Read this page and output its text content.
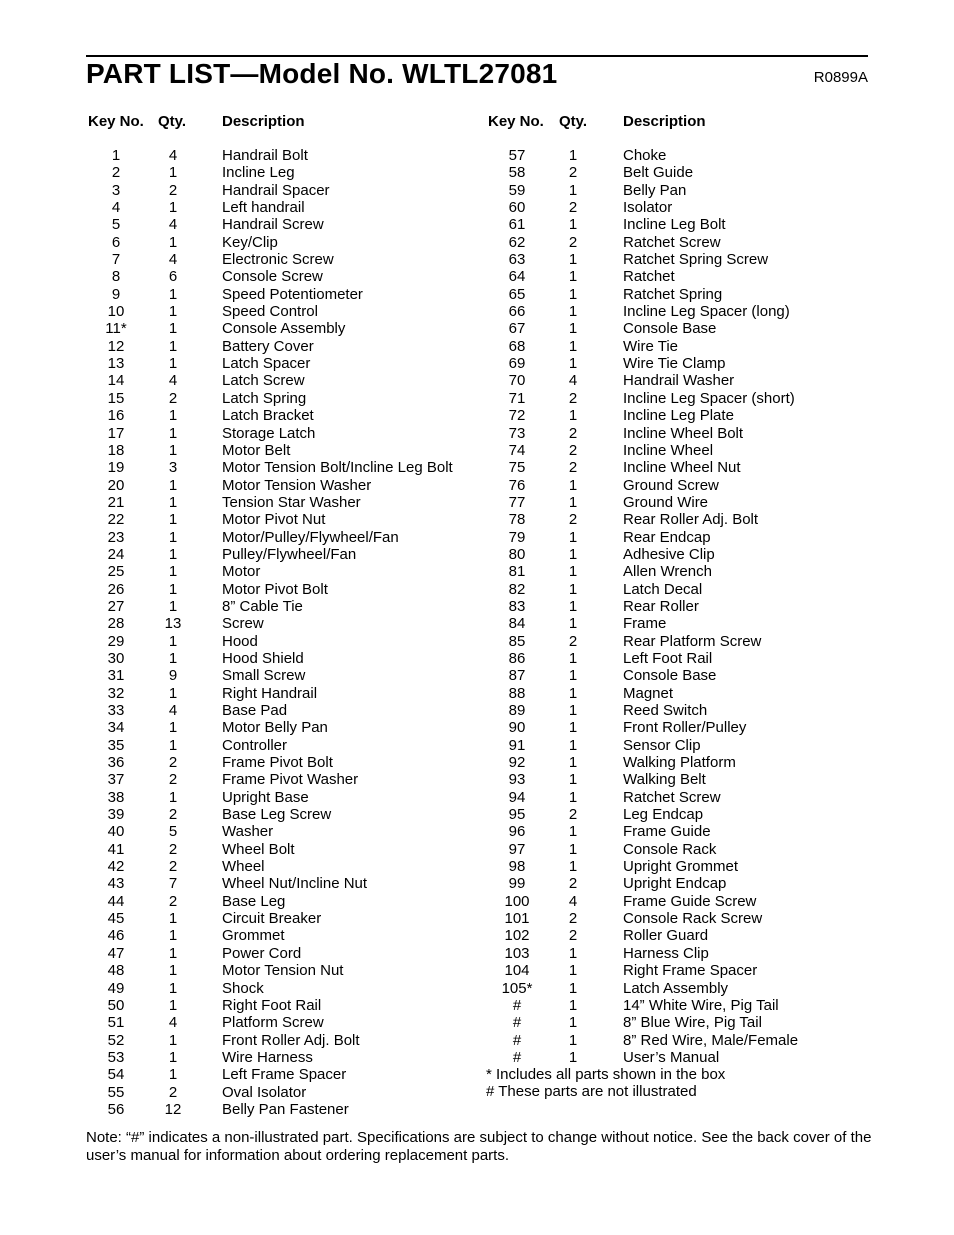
PART LIST—Model No. WLTL27081	R0899A
Key No. Qty. Description	Key No. Qty. Description
1	4	Handrail Bolt
2	1	Incline Leg
3	2	Handrail Spacer
4	1	Left handrail
5	4	Handrail Screw
6	1	Key/Clip
7	4	Electronic Screw
8	6	Console Screw
9	1	Speed Potentiometer
10	1	Speed Control
11*	1	Console Assembly
12	1	Battery Cover
13	1	Latch Spacer
14	4	Latch Screw
15	2	Latch Spring
16	1	Latch Bracket
17	1	Storage Latch
18	1	Motor Belt
19	3	Motor Tension Bolt/Incline Leg Bolt
20	1	Motor Tension Washer
21	1	Tension Star Washer
22	1	Motor Pivot Nut
23	1	Motor/Pulley/Flywheel/Fan
24	1	Pulley/Flywheel/Fan
25	1	Motor
26	1	Motor Pivot Bolt
27	1	8” Cable Tie
28	13	Screw
29	1	Hood
30	1	Hood Shield
31	9	Small Screw
32	1	Right Handrail
33	4	Base Pad
34	1	Motor Belly Pan
35	1	Controller
36	2	Frame Pivot Bolt
37	2	Frame Pivot Washer
38	1	Upright Base
39	2	Base Leg Screw
40	5	Washer
41	2	Wheel Bolt
42	2	Wheel
43	7	Wheel Nut/Incline Nut
44	2	Base Leg
45	1	Circuit Breaker
46	1	Grommet
47	1	Power Cord
48	1	Motor Tension Nut
49	1	Shock
50	1	Right Foot Rail
51	4	Platform Screw
52	1	Front Roller Adj. Bolt
53	1	Wire Harness
54	1	Left Frame Spacer
55	2	Oval Isolator
56	12	Belly Pan Fastener
57	1	Choke
58	2	Belt Guide
59	1	Belly Pan
60	2	Isolator
61	1	Incline Leg Bolt
62	2	Ratchet Screw
63	1	Ratchet Spring Screw
64	1	Ratchet
65	1	Ratchet Spring
66	1	Incline Leg Spacer (long)
67	1	Console Base
68	1	Wire Tie
69	1	Wire Tie Clamp
70	4	Handrail Washer
71	2	Incline Leg Spacer (short)
72	1	Incline Leg Plate
73	2	Incline Wheel Bolt
74	2	Incline Wheel
75	2	Incline Wheel Nut
76	1	Ground Screw
77	1	Ground Wire
78	2	Rear Roller Adj. Bolt
79	1	Rear Endcap
80	1	Adhesive Clip
81	1	Allen Wrench
82	1	Latch Decal
83	1	Rear Roller
84	1	Frame
85	2	Rear Platform Screw
86	1	Left Foot Rail
87	1	Console Base
88	1	Magnet
89	1	Reed Switch
90	1	Front Roller/Pulley
91	1	Sensor Clip
92	1	Walking Platform
93	1	Walking Belt
94	1	Ratchet Screw
95	2	Leg Endcap
96	1	Frame Guide
97	1	Console Rack
98	1	Upright Grommet
99	2	Upright Endcap
100	4	Frame Guide Screw
101	2	Console Rack Screw
102	2	Roller Guard
103	1	Harness Clip
104	1	Right Frame Spacer
105*	1	Latch Assembly
#	1	14” White Wire, Pig Tail
#	1	8” Blue Wire, Pig Tail
#	1	8” Red Wire, Male/Female
#	1	User’s Manual
* Includes all parts shown in the box
# These parts are not illustrated
Note: “#” indicates a non-illustrated part. Specifications are subject to change without notice. See the back cover of the user’s manual for information about ordering replacement parts.
